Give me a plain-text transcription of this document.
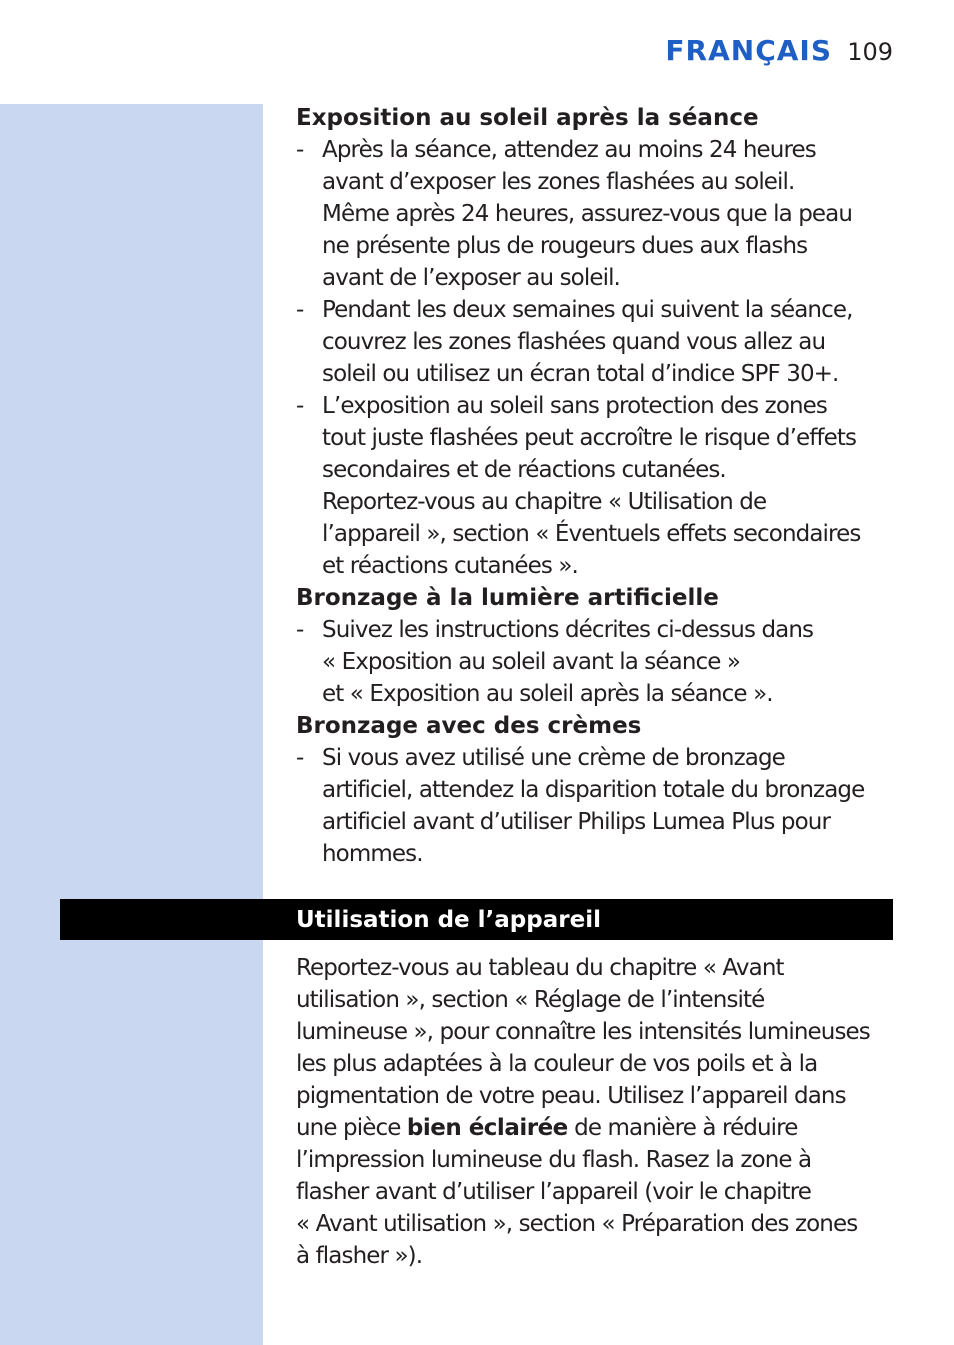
FRANÇAIS 109
Exposition au soleil après la séance
- Après la séance, attendez au moins 24 heures
avant d’exposer les zones flashées au soleil.
Même après 24 heures, assurez-vous que la peau
ne présente plus de rougeurs dues aux flashs
avant de l’exposer au soleil.
- Pendant les deux semaines qui suivent la séance,
couvrez les zones flashées quand vous allez au
soleil ou utilisez un écran total d’indice SPF 30+.
- L’exposition au soleil sans protection des zones
tout juste flashées peut accroître le risque d’effets
secondaires et de réactions cutanées.
Reportez-vous au chapitre « Utilisation de
l’appareil », section « Éventuels effets secondaires
et réactions cutanées ».
Bronzage à la lumière artificielle
- Suivez les instructions décrites ci-dessus dans
« Exposition au soleil avant la séance »
et « Exposition au soleil après la séance ».
Bronzage avec des crèmes
- Si vous avez utilisé une crème de bronzage
artificiel, attendez la disparition totale du bronzage
artificiel avant d’utiliser Philips Lumea Plus pour
hommes.
Utilisation de l’appareil
Reportez-vous au tableau du chapitre « Avant
utilisation », section « Réglage de l’intensité
lumineuse », pour connaître les intensités lumineuses
les plus adaptées à la couleur de vos poils et à la
pigmentation de votre peau. Utilisez l’appareil dans
une pièce bien éclairée de manière à réduire
l’impression lumineuse du flash. Rasez la zone à
flasher avant d’utiliser l’appareil (voir le chapitre
« Avant utilisation », section « Préparation des zones
à flasher »).
